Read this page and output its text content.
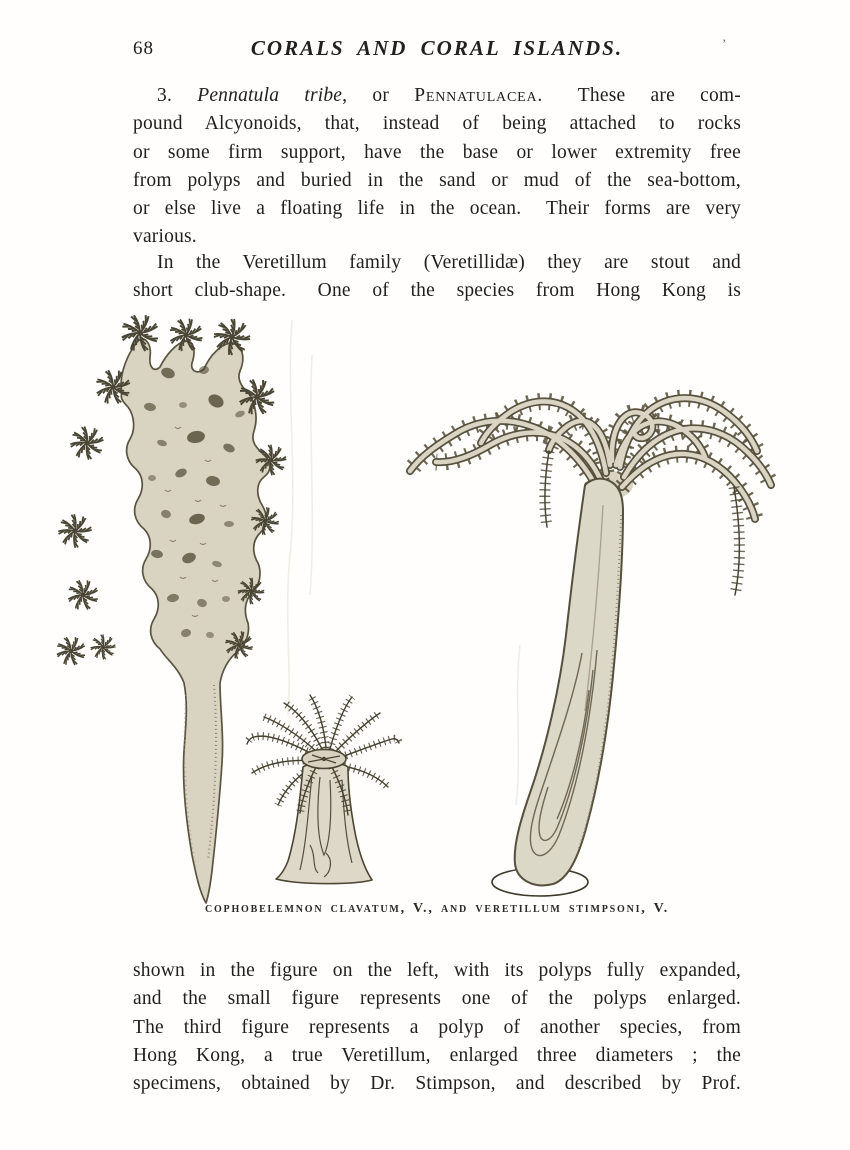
68	CORALS AND CORAL ISLANDS.	’
3. Pennatula tribe, or Pennatulacea.  These are com-
pound Alcyonoids, that, instead of being attached to rocks
or some firm support, have the base or lower extremity free
from polyps and buried in the sand or mud of the sea-bottom,
or else live a floating life in the ocean.  Their forms are very
various.
In the Veretillum family (Veretillidæ) they are stout and
short club-shape.  One of the species from Hong Kong is
cophobelemnon clavatum, V., and veretillum stimpsoni, V.
shown in the figure on the left, with its polyps fully expanded,
and the small figure represents one of the polyps enlarged.
The third figure represents a polyp of another species, from
Hong Kong, a true Veretillum, enlarged three diameters ; the
specimens, obtained by Dr. Stimpson, and described by Prof.
